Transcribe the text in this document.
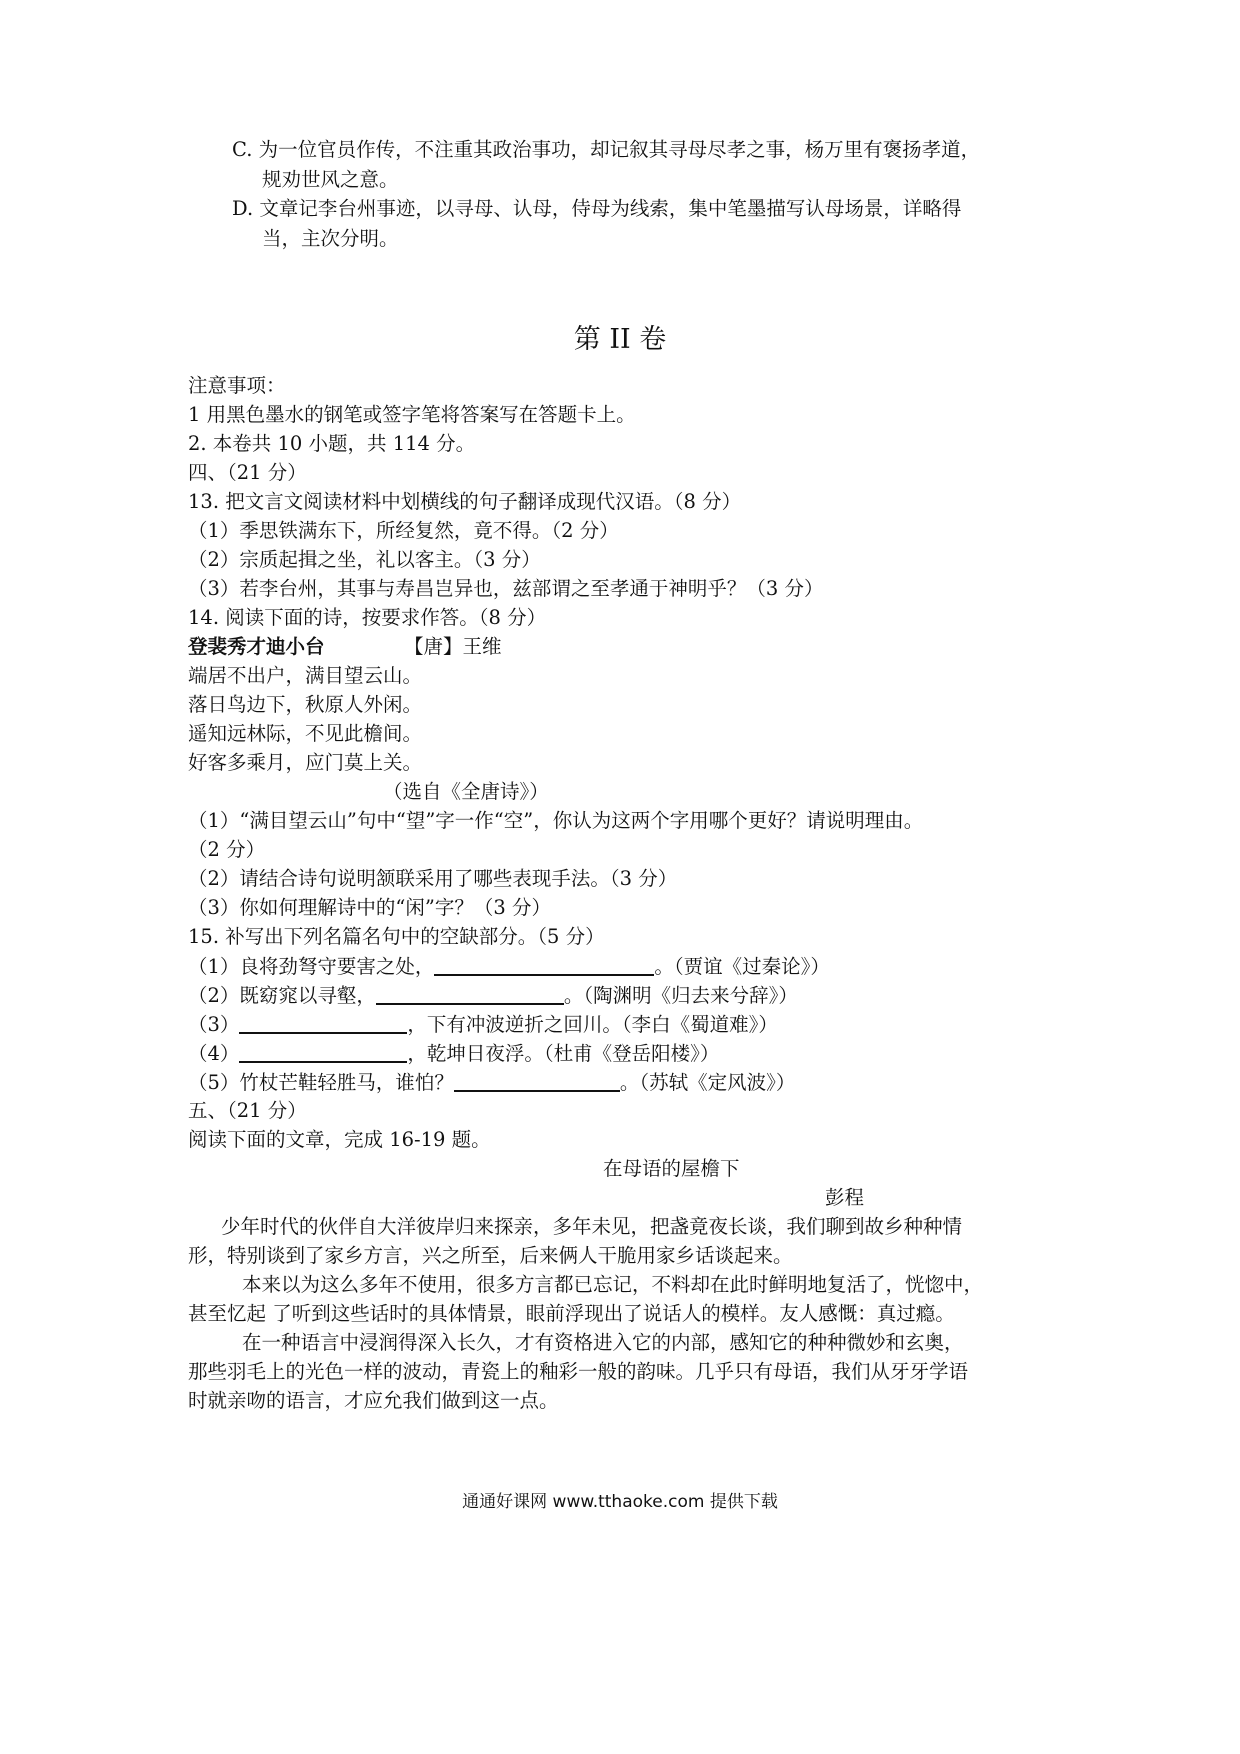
C. 为一位官员作传，不注重其政治事功，却记叙其寻母尽孝之事，杨万里有褒扬孝道，
规劝世风之意。
D. 文章记李台州事迹，以寻母、认母，侍母为线索，集中笔墨描写认母场景，详略得
当，主次分明。
第 II 卷
注意事项：
1 用黑色墨水的钢笔或签字笔将答案写在答题卡上。
2. 本卷共 10 小题，共 114 分。
四、（21 分）
13. 把文言文阅读材料中划横线的句子翻译成现代汉语。（8 分）
（1）季思铁满东下，所经复然，竟不得。（2 分）
（2）宗质起揖之坐，礼以客主。（3 分）
（3）若李台州，其事与寿昌岂异也，兹部谓之至孝通于神明乎？（3 分）
14. 阅读下面的诗，按要求作答。（8 分）
登裴秀才迪小台	【唐】王维
端居不出户，满目望云山。
落日鸟边下，秋原人外闲。
遥知远林际，不见此檐间。
好客多乘月，应门莫上关。
（选自《全唐诗》）
（1）“满目望云山”句中“望”字一作“空”，你认为这两个字用哪个更好？请说明理由。
（2 分）
（2）请结合诗句说明颔联采用了哪些表现手法。（3 分）
（3）你如何理解诗中的“闲”字？（3 分）
15. 补写出下列名篇名句中的空缺部分。（5 分）
（1）良将劲弩守要害之处，	。（贾谊《过秦论》）
（2）既窈窕以寻壑，	。（陶渊明《归去来兮辞》）
（3）	，下有冲波逆折之回川。（李白《蜀道难》）
（4）	，乾坤日夜浮。（杜甫《登岳阳楼》）
（5）竹杖芒鞋轻胜马，谁怕？	。（苏轼《定风波》）
五、（21 分）
阅读下面的文章，完成 16-19 题。
在母语的屋檐下
彭程
少年时代的伙伴自大洋彼岸归来探亲，多年未见，把盏竟夜长谈，我们聊到故乡种种情
形，特别谈到了家乡方言，兴之所至，后来俩人干脆用家乡话谈起来。
本来以为这么多年不使用，很多方言都已忘记，不料却在此时鲜明地复活了，恍惚中，
甚至忆起 了听到这些话时的具体情景，眼前浮现出了说话人的模样。友人感慨：真过瘾。
在一种语言中浸润得深入长久，才有资格进入它的内部，感知它的种种微妙和玄奥，
那些羽毛上的光色一样的波动，青瓷上的釉彩一般的韵味。几乎只有母语，我们从牙牙学语
时就亲吻的语言，才应允我们做到这一点。
通通好课网 www.tthaoke.com 提供下载
